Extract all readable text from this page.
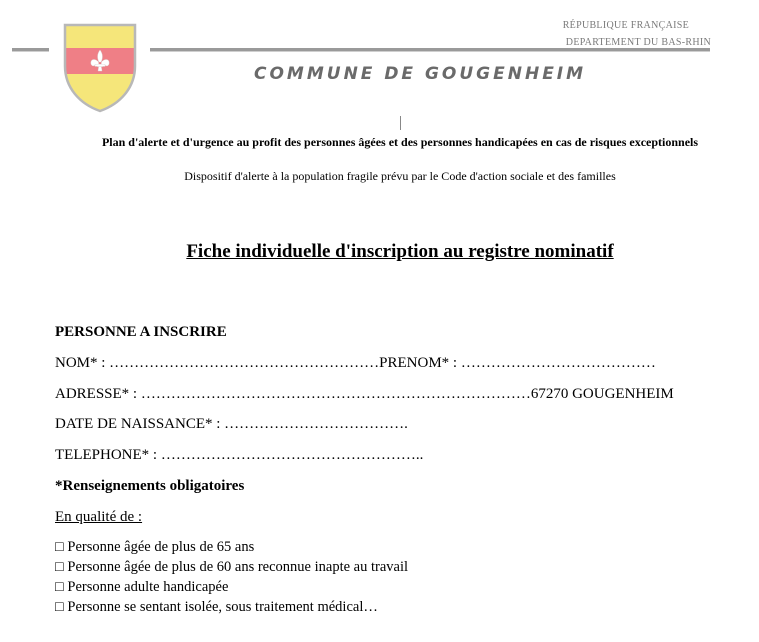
RÉPUBLIQUE FRANÇAISE
DEPARTEMENT DU BAS-RHIN
COMMUNE DE GOUGENHEIM
Plan d'alerte et d'urgence au profit des personnes âgées et des personnes handicapées en cas de risques exceptionnels
Dispositif d'alerte à la population fragile prévu par le Code d'action sociale et des familles
Fiche individuelle d'inscription au registre nominatif
PERSONNE A INSCRIRE
NOM* : ………………………………………………PRENOM* : …………………………………
ADRESSE* : ……………………………………………………………………67270 GOUGENHEIM
DATE DE NAISSANCE* : ……………………………….
TELEPHONE* : ……………………………………………..
*Renseignements obligatoires
En qualité de :
□ Personne âgée de plus de 65 ans
□ Personne âgée de plus de 60 ans reconnue inapte au travail
□ Personne adulte handicapée
□ Personne se sentant isolée, sous traitement médical…
